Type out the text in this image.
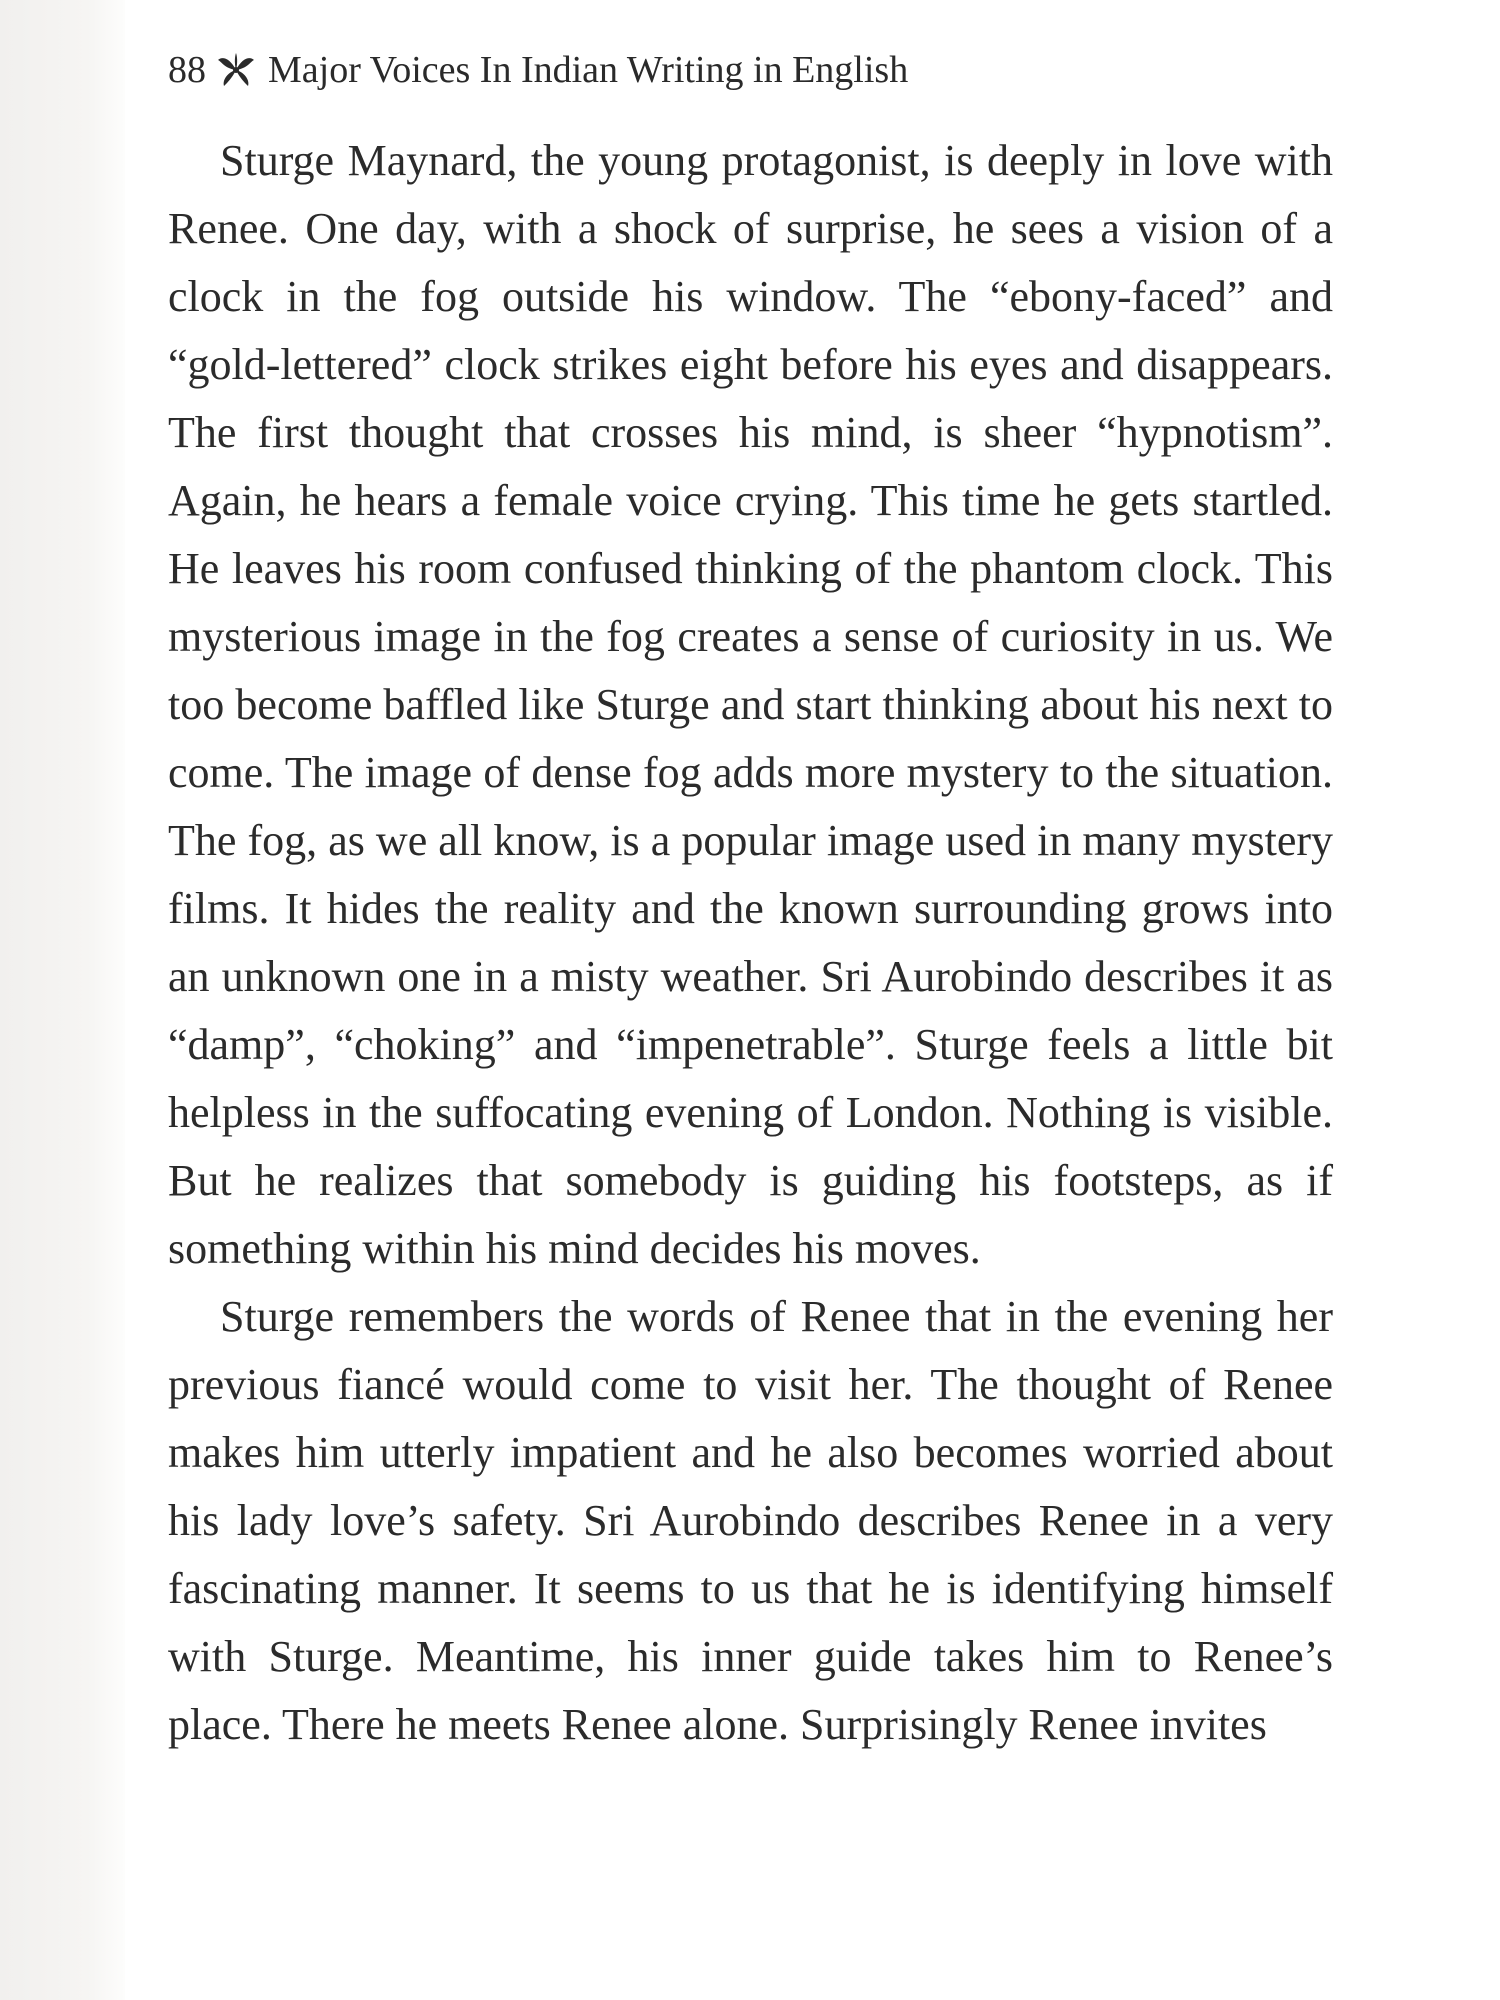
88 Major Voices In Indian Writing in English

Sturge Maynard, the young protagonist, is deeply in love with Renee. One day, with a shock of surprise, he sees a vision of a clock in the fog outside his window. The “ebony-faced” and “gold-lettered” clock strikes eight before his eyes and disappears. The first thought that crosses his mind, is sheer “hypnotism”. Again, he hears a female voice crying. This time he gets startled. He leaves his room confused thinking of the phantom clock. This mysterious image in the fog creates a sense of curiosity in us. We too become baffled like Sturge and start thinking about his next to come. The image of dense fog adds more mystery to the situation. The fog, as we all know, is a popular image used in many mystery films. It hides the reality and the known surrounding grows into an unknown one in a misty weather. Sri Aurobindo describes it as “damp”, “choking” and “impenetrable”. Sturge feels a little bit helpless in the suffocating evening of London. Nothing is visible. But he realizes that somebody is guiding his footsteps, as if something within his mind decides his moves.

Sturge remembers the words of Renee that in the evening her previous fiancé would come to visit her. The thought of Renee makes him utterly impatient and he also becomes worried about his lady love’s safety. Sri Aurobindo describes Renee in a very fascinating manner. It seems to us that he is identifying himself with Sturge. Meantime, his inner guide takes him to Renee’s place. There he meets Renee alone. Surprisingly Renee invites
